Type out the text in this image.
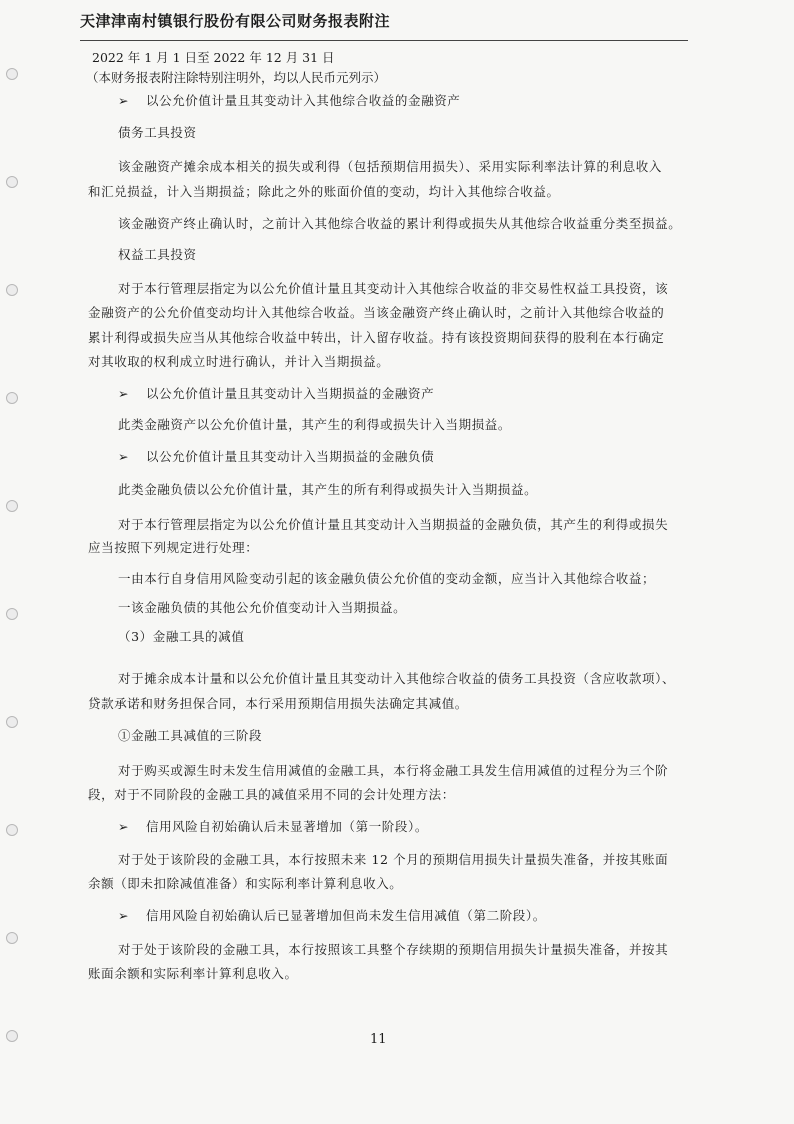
天津津南村镇银行股份有限公司财务报表附注
2022 年 1 月 1 日至 2022 年 12 月 31 日
（本财务报表附注除特别注明外，均以人民币元列示）
➢ 以公允价值计量且其变动计入其他综合收益的金融资产
债务工具投资
该金融资产摊余成本相关的损失或利得（包括预期信用损失）、采用实际利率法计算的利息收入
和汇兑损益，计入当期损益；除此之外的账面价值的变动，均计入其他综合收益。
该金融资产终止确认时，之前计入其他综合收益的累计利得或损失从其他综合收益重分类至损益。
权益工具投资
对于本行管理层指定为以公允价值计量且其变动计入其他综合收益的非交易性权益工具投资，该
金融资产的公允价值变动均计入其他综合收益。当该金融资产终止确认时，之前计入其他综合收益的
累计利得或损失应当从其他综合收益中转出，计入留存收益。持有该投资期间获得的股利在本行确定
对其收取的权利成立时进行确认，并计入当期损益。
➢ 以公允价值计量且其变动计入当期损益的金融资产
此类金融资产以公允价值计量，其产生的利得或损失计入当期损益。
➢ 以公允价值计量且其变动计入当期损益的金融负债
此类金融负债以公允价值计量，其产生的所有利得或损失计入当期损益。
对于本行管理层指定为以公允价值计量且其变动计入当期损益的金融负债，其产生的利得或损失
应当按照下列规定进行处理：
一由本行自身信用风险变动引起的该金融负债公允价值的变动金额，应当计入其他综合收益；
一该金融负债的其他公允价值变动计入当期损益。
（3）金融工具的减值
对于摊余成本计量和以公允价值计量且其变动计入其他综合收益的债务工具投资（含应收款项）、
贷款承诺和财务担保合同，本行采用预期信用损失法确定其减值。
①金融工具减值的三阶段
对于购买或源生时未发生信用减值的金融工具，本行将金融工具发生信用减值的过程分为三个阶
段，对于不同阶段的金融工具的减值采用不同的会计处理方法：
➢ 信用风险自初始确认后未显著增加（第一阶段）。
对于处于该阶段的金融工具，本行按照未来 12 个月的预期信用损失计量损失准备，并按其账面
余额（即未扣除减值准备）和实际利率计算利息收入。
➢ 信用风险自初始确认后已显著增加但尚未发生信用减值（第二阶段）。
对于处于该阶段的金融工具，本行按照该工具整个存续期的预期信用损失计量损失准备，并按其
账面余额和实际利率计算利息收入。
11
